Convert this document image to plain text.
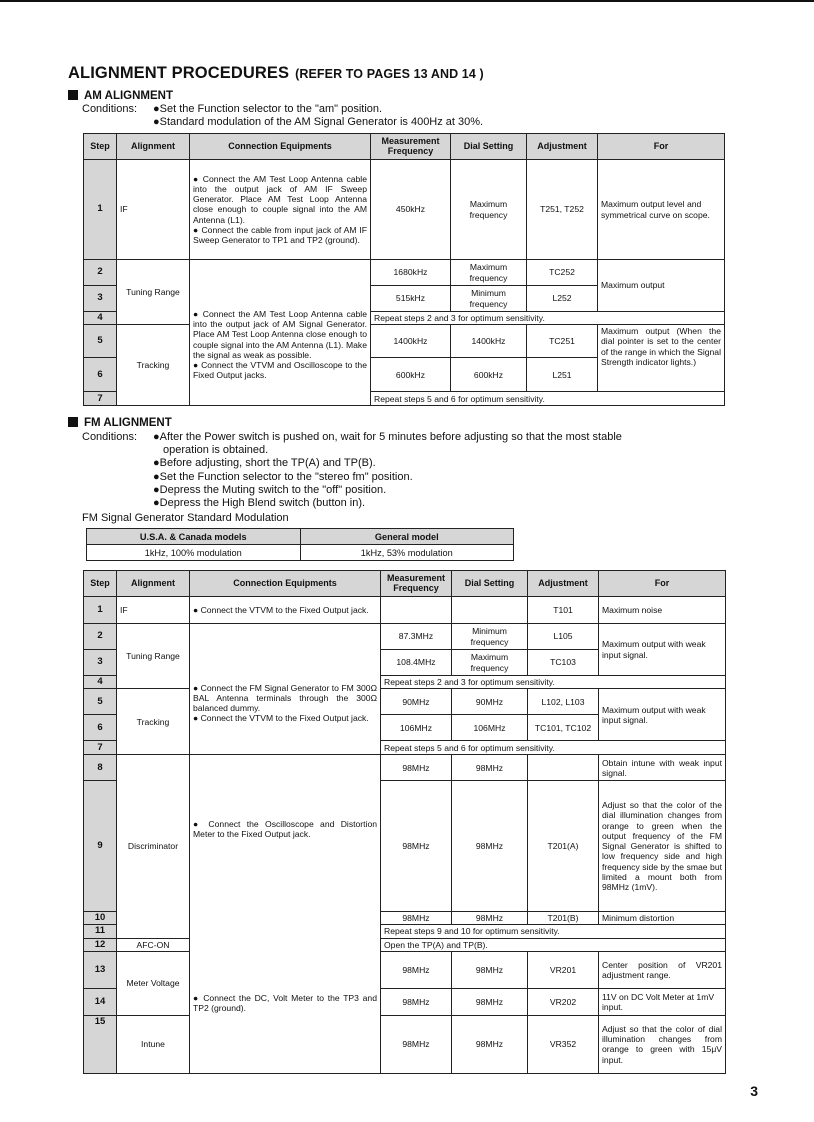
ALIGNMENT PROCEDURES (REFER TO PAGES 13 AND 14 )
AM ALIGNMENT
Conditions: ●Set the Function selector to the "am" position.
●Standard modulation of the AM Signal Generator is 400Hz at 30%.
Step	Alignment	Connection Equipments	Measurement Frequency	Dial Setting	Adjustment	For
1	IF	● Connect the AM Test Loop Antenna cable into the output jack of AM IF Sweep Generator. Place AM Test Loop Antenna close enough to couple signal into the AM Antenna (L1).
● Connect the cable from input jack of AM IF Sweep Generator to TP1 and TP2 (ground).	450kHz	Maximum frequency	T251, T252	Maximum output level and symmetrical curve on scope.
2	Tuning Range	● Connect the AM Test Loop Antenna cable into the output jack of AM Signal Generator. Place AM Test Loop Antenna close enough to couple signal into the AM Antenna (L1). Make the signal as weak as possible.
● Connect the VTVM and Oscilloscope to the Fixed Output jacks.	1680kHz	Maximum frequency	TC252	Maximum output
3			515kHz	Minimum frequency	L252	
4			Repeat steps 2 and 3 for optimum sensitivity.			
5	Tracking		1400kHz	1400kHz	TC251	Maximum output (When the dial pointer is set to the center of the range in which the Signal Strength indicator lights.)
6			600kHz	600kHz	L251	
7			Repeat steps 5 and 6 for optimum sensitivity.			
FM ALIGNMENT
Conditions: ●After the Power switch is pushed on, wait for 5 minutes before adjusting so that the most stable
operation is obtained.
●Before adjusting, short the TP(A) and TP(B).
●Set the Function selector to the "stereo fm" position.
●Depress the Muting switch to the "off" position.
●Depress the High Blend switch (button in).
FM Signal Generator Standard Modulation
U.S.A. & Canada models	General model
1kHz, 100% modulation	1kHz, 53% modulation
Step	Alignment	Connection Equipments	Measurement Frequency	Dial Setting	Adjustment	For
1	IF	● Connect the VTVM to the Fixed Output jack.			T101	Maximum noise
2	Tuning Range	● Connect the FM Signal Generator to FM 300Ω BAL Antenna terminals through the 300Ω balanced dummy.
● Connect the VTVM to the Fixed Output jack.	87.3MHz	Minimum frequency	L105	Maximum output with weak input signal.
3			108.4MHz	Maximum frequency	TC103	
4			Repeat steps 2 and 3 for optimum sensitivity.			
5	Tracking		90MHz	90MHz	L102, L103	Maximum output with weak input signal.
6			106MHz	106MHz	TC101, TC102	
7			Repeat steps 5 and 6 for optimum sensitivity.			
8	Discriminator	● Connect the Oscilloscope and Distortion Meter to the Fixed Output jack.
● Connect the DC, Volt Meter to the TP3 and TP2 (ground).	98MHz	98MHz		Obtain intune with weak input signal.
9			98MHz	98MHz	T201(A)	Adjust so that the color of the dial illumination changes from orange to green when the output frequency of the FM Signal Generator is shifted to low frequency side and high frequency side by the smae but limited a mount both from 98MHz (1mV).
10			98MHz	98MHz	T201(B)	Minimum distortion
11			Repeat steps 9 and 10 for optimum sensitivity.			
12	AFC-ON		Open the TP(A) and TP(B).			
13	Meter Voltage		98MHz	98MHz	VR201	Center position of VR201 adjustment range.
14			98MHz	98MHz	VR202	11V on DC Volt Meter at 1mV input.
15	Intune		98MHz	98MHz	VR352	Adjust so that the color of dial illumination changes from orange to green with 15μV input.
3
